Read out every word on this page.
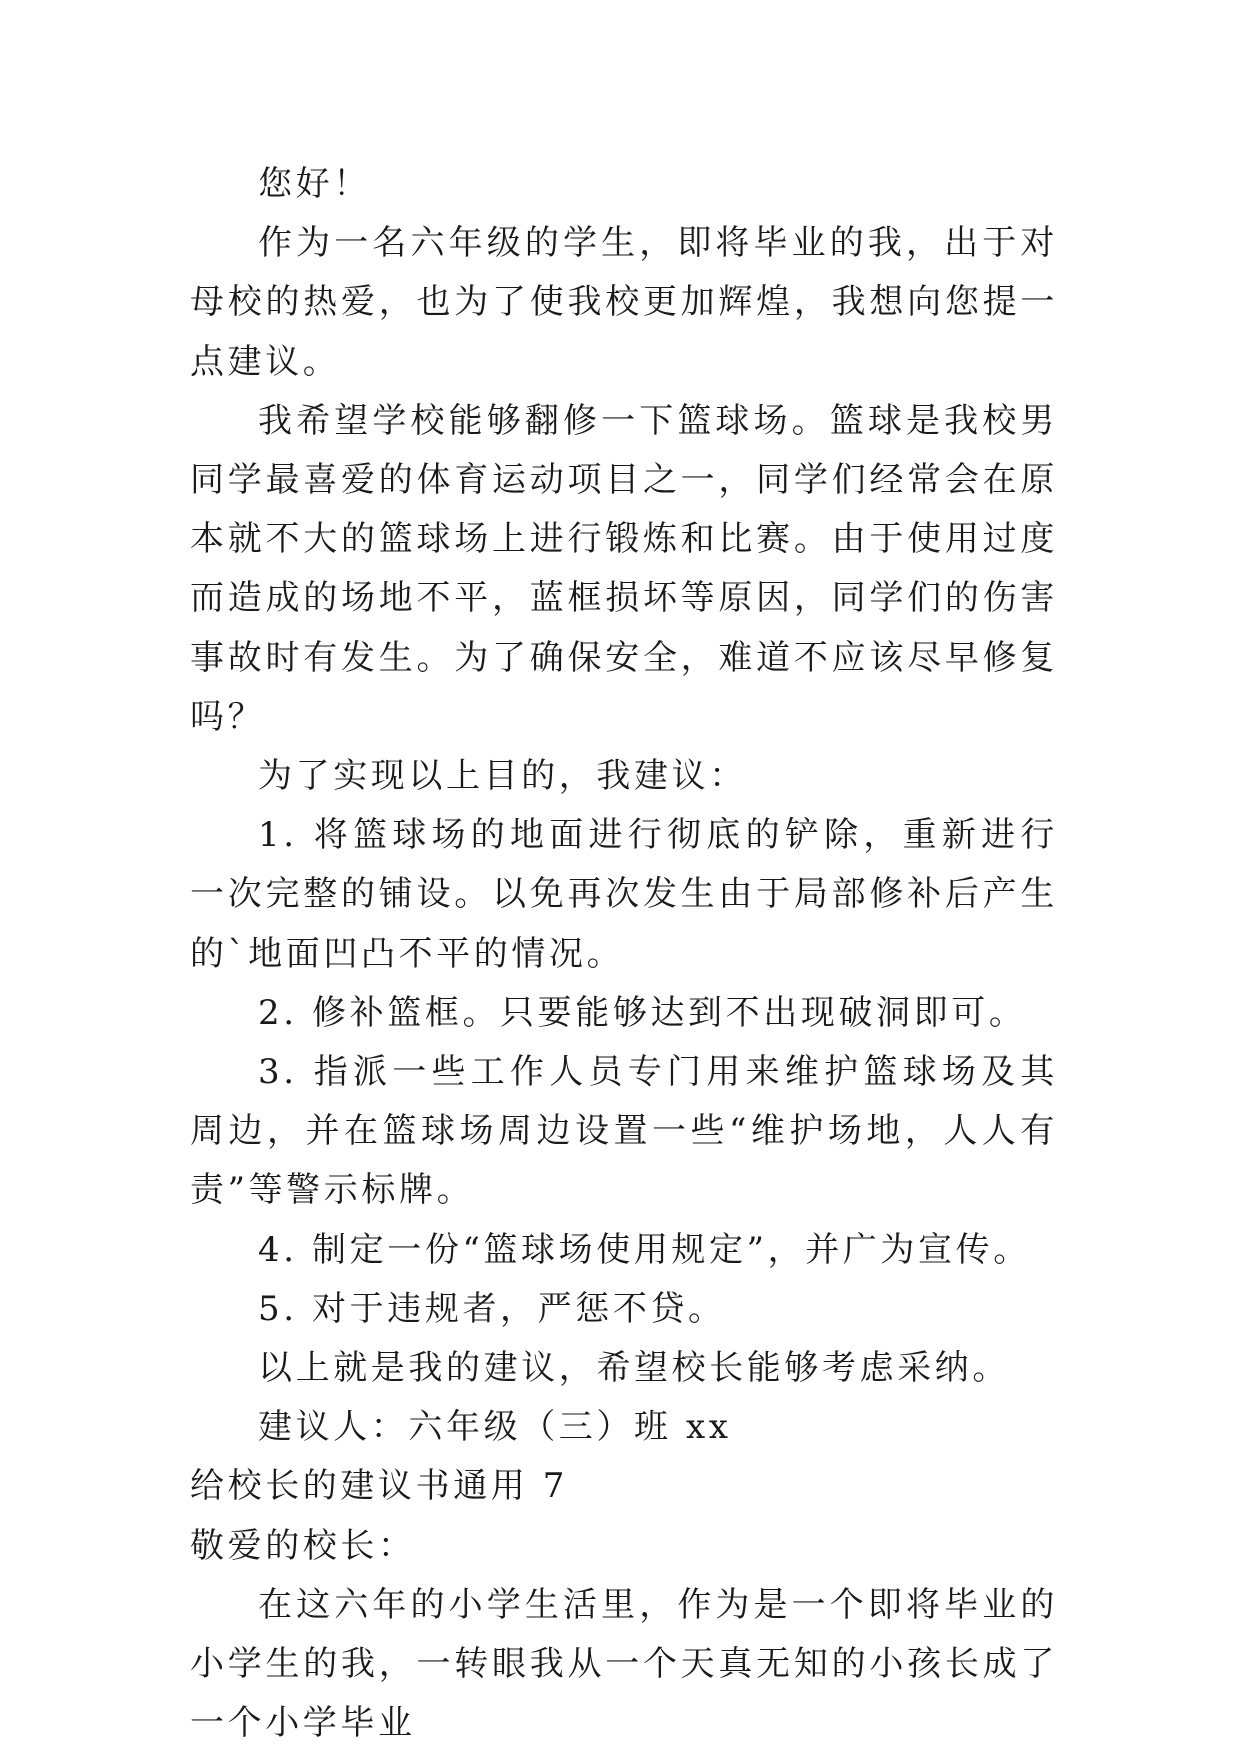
您好！

作为一名六年级的学生，即将毕业的我，出于对母校的热爱，也为了使我校更加辉煌，我想向您提一点建议。

我希望学校能够翻修一下篮球场。篮球是我校男同学最喜爱的体育运动项目之一，同学们经常会在原本就不大的篮球场上进行锻炼和比赛。由于使用过度而造成的场地不平，蓝框损坏等原因，同学们的伤害事故时有发生。为了确保安全，难道不应该尽早修复吗？

为了实现以上目的，我建议：

1. 将篮球场的地面进行彻底的铲除，重新进行一次完整的铺设。以免再次发生由于局部修补后产生的`地面凹凸不平的情况。

2. 修补篮框。只要能够达到不出现破洞即可。

3. 指派一些工作人员专门用来维护篮球场及其周边，并在篮球场周边设置一些“维护场地，人人有责”等警示标牌。

4. 制定一份“篮球场使用规定”，并广为宣传。

5. 对于违规者，严惩不贷。

以上就是我的建议，希望校长能够考虑采纳。

建议人：六年级（三）班 xx

给校长的建议书通用 7

敬爱的校长：

在这六年的小学生活里，作为是一个即将毕业的小学生的我，一转眼我从一个天真无知的小孩长成了一个小学毕业
